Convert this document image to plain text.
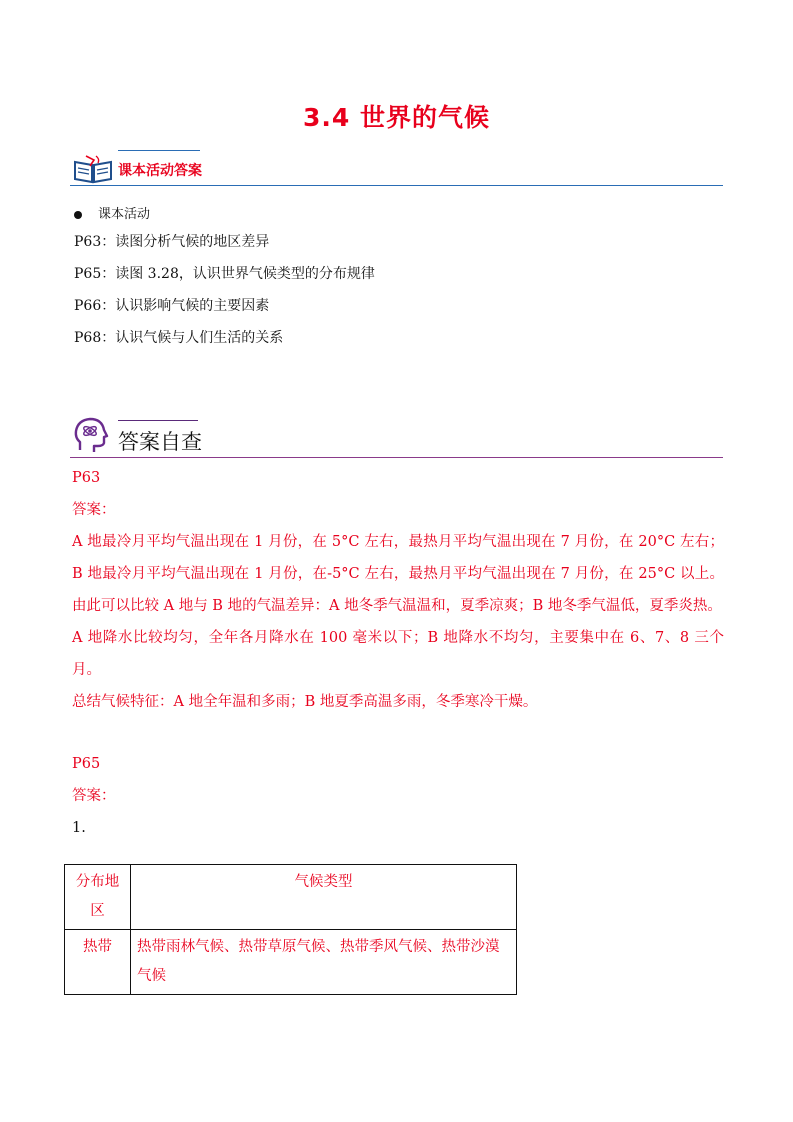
3.4 世界的气候
课本活动答案
课本活动
P63：读图分析气候的地区差异
P65：读图 3.28，认识世界气候类型的分布规律
P66：认识影响气候的主要因素
P68：认识气候与人们生活的关系
答案自查
P63
答案：
A 地最冷月平均气温出现在 1 月份，在 5°C 左右，最热月平均气温出现在 7 月份，在 20°C 左右；B 地最冷月平均气温出现在 1 月份，在-5°C 左右，最热月平均气温出现在 7 月份，在 25°C 以上。由此可以比较 A 地与 B 地的气温差异：A 地冬季气温温和，夏季凉爽；B 地冬季气温低，夏季炎热。
A 地降水比较均匀，全年各月降水在 100 毫米以下；B 地降水不均匀，主要集中在 6、7、8 三个月。
总结气候特征：A 地全年温和多雨；B 地夏季高温多雨，冬季寒冷干燥。
P65
答案：
1.
分布地区	气候类型
热带	热带雨林气候、热带草原气候、热带季风气候、热带沙漠气候
